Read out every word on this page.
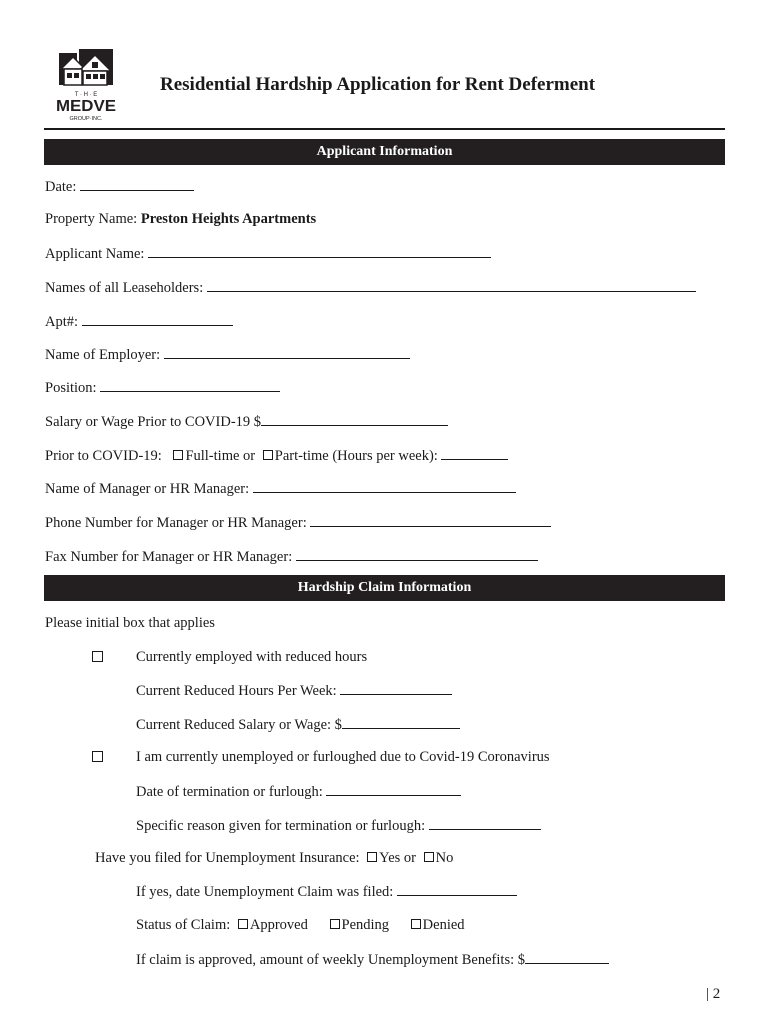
T · H · E
MEDVE
GROUP·INC.
Residential Hardship Application for Rent Deferment
Applicant Information
Date:
Property Name: Preston Heights Apartments
Applicant Name:
Names of all Leaseholders:
Apt#:
Name of Employer:
Position:
Salary or Wage Prior to COVID-19 $
Prior to COVID-19: Full-time or Part-time (Hours per week):
Name of Manager or HR Manager:
Phone Number for Manager or HR Manager:
Fax Number for Manager or HR Manager:
Hardship Claim Information
Please initial box that applies
Currently employed with reduced hours
Current Reduced Hours Per Week:
Current Reduced Salary or Wage: $
I am currently unemployed or furloughed due to Covid-19 Coronavirus
Date of termination or furlough:
Specific reason given for termination or furlough:
Have you filed for Unemployment Insurance: Yes or No
If yes, date Unemployment Claim was filed:
Status of Claim: Approved Pending Denied
If claim is approved, amount of weekly Unemployment Benefits: $
| 2
